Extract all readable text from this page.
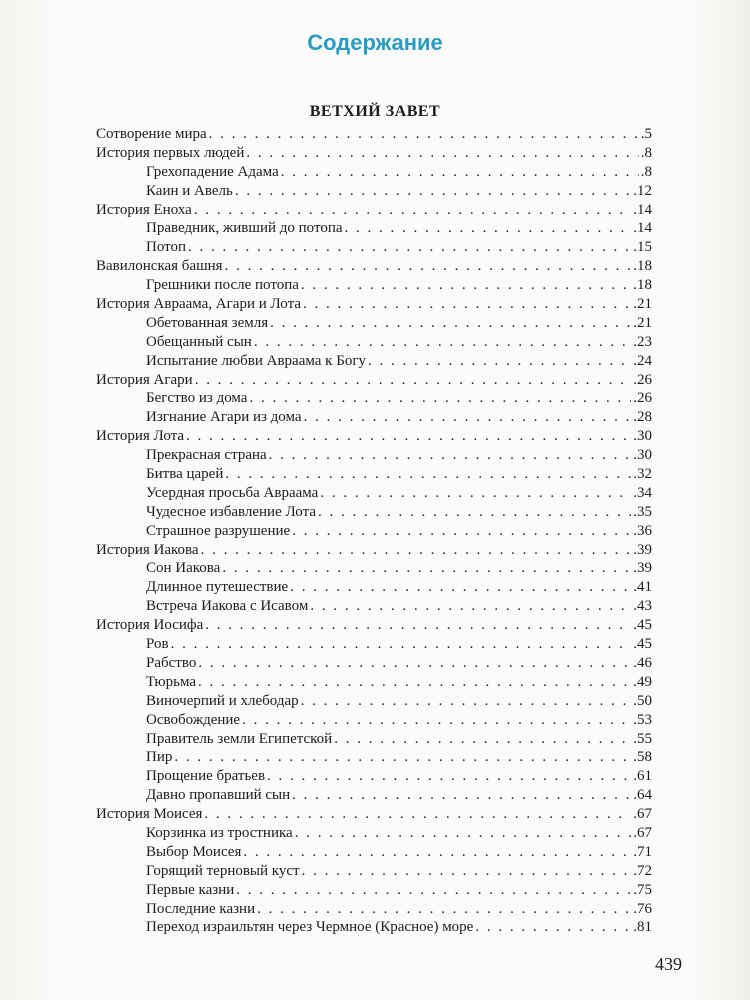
Содержание
ВЕТХИЙ ЗАВЕТ
Сотворение мира . . .	.5
История первых людей . . .	.8
Грехопадение Адама . . .	.8
Каин и Авель . . .	.12
История Еноха . . .	.14
Праведник, живший до потопа . . .	.14
Потоп . . .	.15
Вавилонская башня . . .	.18
Грешники после потопа . . .	.18
История Авраама, Агари и Лота . . .	.21
Обетованная земля . . .	.21
Обещанный сын . . .	.23
Испытание любви Авраама к Богу . . .	.24
История Агари . . .	.26
Бегство из дома . . .	.26
Изгнание Агари из дома . . .	.28
История Лота . . .	.30
Прекрасная страна . . .	.30
Битва царей . . .	.32
Усердная просьба Авраама . . .	.34
Чудесное избавление Лота . . .	.35
Страшное разрушение . . .	.36
История Иакова . . .	.39
Сон Иакова . . .	.39
Длинное путешествие . . .	.41
Встреча Иакова с Исавом . . .	.43
История Иосифа . . .	.45
Ров . . .	.45
Рабство . . .	.46
Тюрьма . . .	.49
Виночерпий и хлебодар . . .	.50
Освобождение . . .	.53
Правитель земли Египетской . . .	.55
Пир . . .	.58
Прощение братьев . . .	.61
Давно пропавший сын . . .	.64
История Моисея . . .	.67
Корзинка из тростника . . .	.67
Выбор Моисея . . .	.71
Горящий терновый куст . . .	.72
Первые казни . . .	.75
Последние казни . . .	.76
Переход израильтян через Чермное (Красное) море . . .	.81
439
